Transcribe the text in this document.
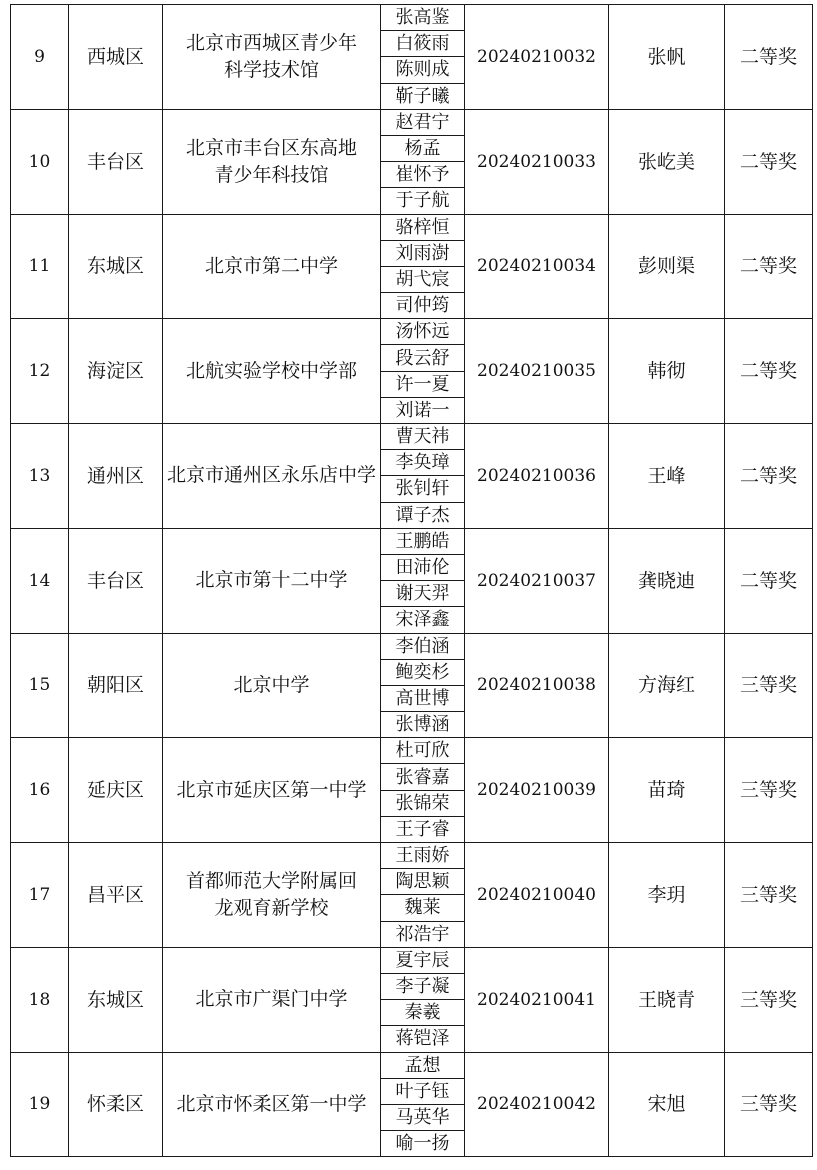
9	西城区	北京市西城区青少年
科学技术馆	张高鉴	20240210032	张帆	二等奖
			白筱雨			
			陈则成			
			靳子曦			
10	丰台区	北京市丰台区东高地
青少年科技馆	赵君宁	20240210033	张屹美	二等奖
			杨孟			
			崔怀予			
			于子航			
11	东城区	北京市第二中学	骆梓恒	20240210034	彭则渠	二等奖
			刘雨澍			
			胡弋宸			
			司仲筠			
12	海淀区	北航实验学校中学部	汤怀远	20240210035	韩彻	二等奖
			段云舒			
			许一夏			
			刘诺一			
13	通州区	北京市通州区永乐店中学	曹天祎	20240210036	王峰	二等奖
			李奂璋			
			张钊轩			
			谭子杰			
14	丰台区	北京市第十二中学	王鹏皓	20240210037	龚晓迪	二等奖
			田沛伦			
			谢天羿			
			宋泽鑫			
15	朝阳区	北京中学	李伯涵	20240210038	方海红	三等奖
			鲍奕杉			
			高世博			
			张博涵			
16	延庆区	北京市延庆区第一中学	杜可欣	20240210039	苗琦	三等奖
			张睿嘉			
			张锦荣			
			王子睿			
17	昌平区	首都师范大学附属回
龙观育新学校	王雨娇	20240210040	李玥	三等奖
			陶思颖			
			魏莱			
			祁浩宇			
18	东城区	北京市广渠门中学	夏宇辰	20240210041	王晓青	三等奖
			李子凝			
			秦羲			
			蒋铠泽			
19	怀柔区	北京市怀柔区第一中学	孟想	20240210042	宋旭	三等奖
			叶子钰			
			马英华			
			喻一扬			
